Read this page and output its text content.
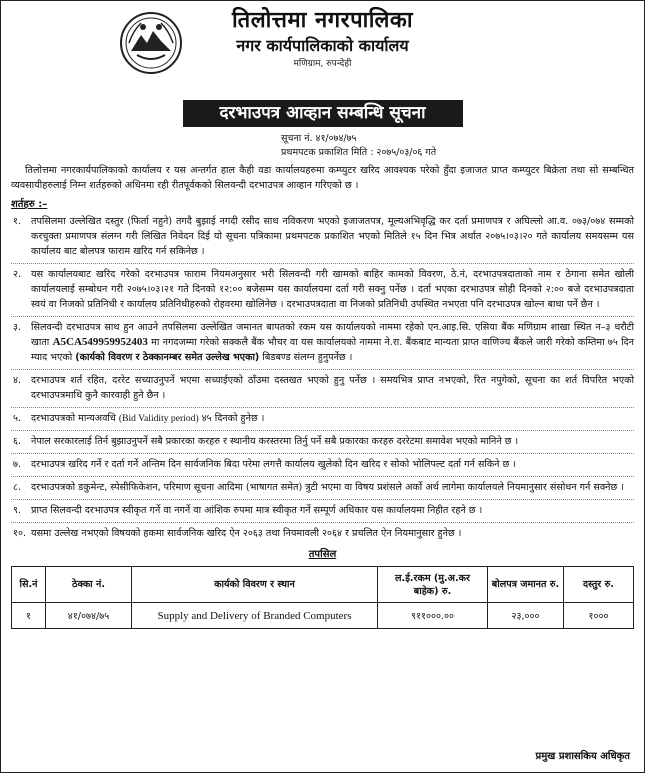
तिलोत्तमा नगरपालिका
नगर कार्यपालिकाको कार्यालय
मणिग्राम, रुपन्देही
दरभाउपत्र आव्हान सम्बन्धि सूचना
सूचना नं. ४१/०७४/७५
प्रथमपटक प्रकाशित मिति : २०७५/०३/०६ गते

तिलोत्तमा नगरकार्यपालिकाको कार्यालय र यस अन्तर्गत हाल कैही वडा कार्यालयहरुमा कम्प्युटर खरिद आवश्यक परेको हुँदा इजाजत प्राप्त कम्प्युटर बिक्रेता तथा सो सम्बन्धित व्यवसायीहरुलाई निम्न शर्तहरुको अधिनमा रही रीतपूर्वकको सिलवन्दी दरभाउपत्र आव्हान गरिएको छ ।

शर्तहरु :–
१.	तपसिलमा उल्लेखित दस्तुर (फिर्ता नहुने) तगदै बुझाई नगदी रसीद साथ नविकरण भएको इजाजतपत्र, मूल्यअभिवृद्धि कर दर्ता प्रमाणपत्र र अघिल्लो आ.व. ०७३/०७४ सम्मको करचुक्ता प्रमाणपत्र संलग्न गरी लिखित निवेदन दिई यो सूचना पत्रिकामा प्रथमपटक प्रकाशित भएको मितिले १५ दिन भित्र अर्थात २०७५।०३।२० गते कार्यालय समयसम्म यस कार्यालय बाट बोलपत्र फाराम खरिद गर्न सकिनेछ ।
२.	यस कार्यालयबाट खरिद गरेको दरभाउपत्र फाराम नियमअनुसार भरी सिलवन्दी गरी खामको बाहिर कामको विवरण, ठे.नं, दरभाउपत्रदाताको नाम र ठेगाना समेत खोली कार्यालयलाई सम्बोधन गरी २०७५।०३।२१ गते दिनको १२:०० बजेसम्म यस कार्यालयमा दर्ता गरी सक्नु पर्नेछ । दर्ता भएका दरभाउपत्र सोही दिनको २:०० बजे दरभाउपत्रदाता स्वयं वा निजको प्रतिनिधी र कार्यालय प्रतिनिधीहरुको रोहवरमा खोलिनेछ । दरभाउपत्रदाता वा निजको प्रतिनिधी उपस्थित नभएता पनि दरभाउपत्र खोल्न बाधा पर्ने छैन ।
३.	सिलवन्दी दरभाउपत्र साथ हुन आउने तपसिलमा उल्लेखित जमानत बापतको रकम यस कार्यालयको नाममा रहेको एन.आइ.सि. एसिया बैंक मणिग्राम शाखा स्थित न–३ धरौटी खाता A5CA549959952403 मा नगदजम्मा गरेको सक्कलै बैंक भौचर वा यस कार्यालयको नाममा ने.रा. बैंकबाट मान्यता प्राप्त वाणिज्य बैंकले जारी गरेको कम्तिमा ७५ दिन म्याद भएको (कार्यको विवरण र ठेक्कानम्बर समेत उल्लेख भएका) बिडबण्ड संलग्न हुनुपर्नेछ ।
४.	दरभाउपत्र शर्त रहित, दररेट सच्याउनुपर्ने भएमा सच्याईएको ठाँउमा दस्तखत भएको हुनु पर्नेछ । समयभित्र प्राप्त नभएको, रित नपुगेको, सूचना का शर्त विपरित भएको दरभाउपत्रमाथि कुनै कारवाही हुने छैन ।
५.	दरभाउपत्रको मान्यअवधि (Bid Validity period) ४५ दिनको हुनेछ ।
६.	नेपाल सरकारलाई तिर्न बुझाउनुपर्ने सबै प्रकारका करहरु र स्थानीय करस्तरमा तिर्नु पर्ने सबै प्रकारका करहरु दररेटमा समावेश भएको मानिने छ ।
७.	दरभाउपत्र खरिद गर्ने र दर्ता गर्ने अन्तिम दिन सार्वजनिक बिदा परेमा लगत्तै कार्यालय खुलेको दिन खरिद र सोको भोलिपल्ट दर्ता गर्न सकिने छ ।
८.	दरभाउपत्रको डकुमेन्ट, स्पेसीफिकेशन, परिमाण सूचना आदिमा (भाषागत समेत) त्रुटी भएमा वा विषय प्रशंसले अर्को अर्थ लागेमा कार्यालयले नियमानुसार संसोधन गर्न सक्नेछ ।
९.	प्राप्त सिलवन्दी दरभाउपत्र स्वीकृत गर्ने वा नगर्ने वा आंशिक रुपमा मात्र स्वीकृत गर्ने सम्पूर्ण अधिकार यस कार्यालयमा निहीत रहने छ ।
१०. यसमा उल्लेख नभएको विषयको हकमा सार्वजनिक खरिद ऐन २०६३ तथा नियमावली २०६४ र प्रचलित ऐन नियमानुसार हुनेछ ।
तपसिल
सि.नं	ठेक्का नं.	कार्यको विवरण र स्थान	ल.ई.रकम (मु.अ.कर बाहेक) रु.	बोलपत्र जमानत रु.	दस्तुर रु.
१	४१/०७४/७५	Supply and Delivery of Branded Computers	९११०००.००	२३,०००	१०००
प्रमुख प्रशासकिय अधिकृत
